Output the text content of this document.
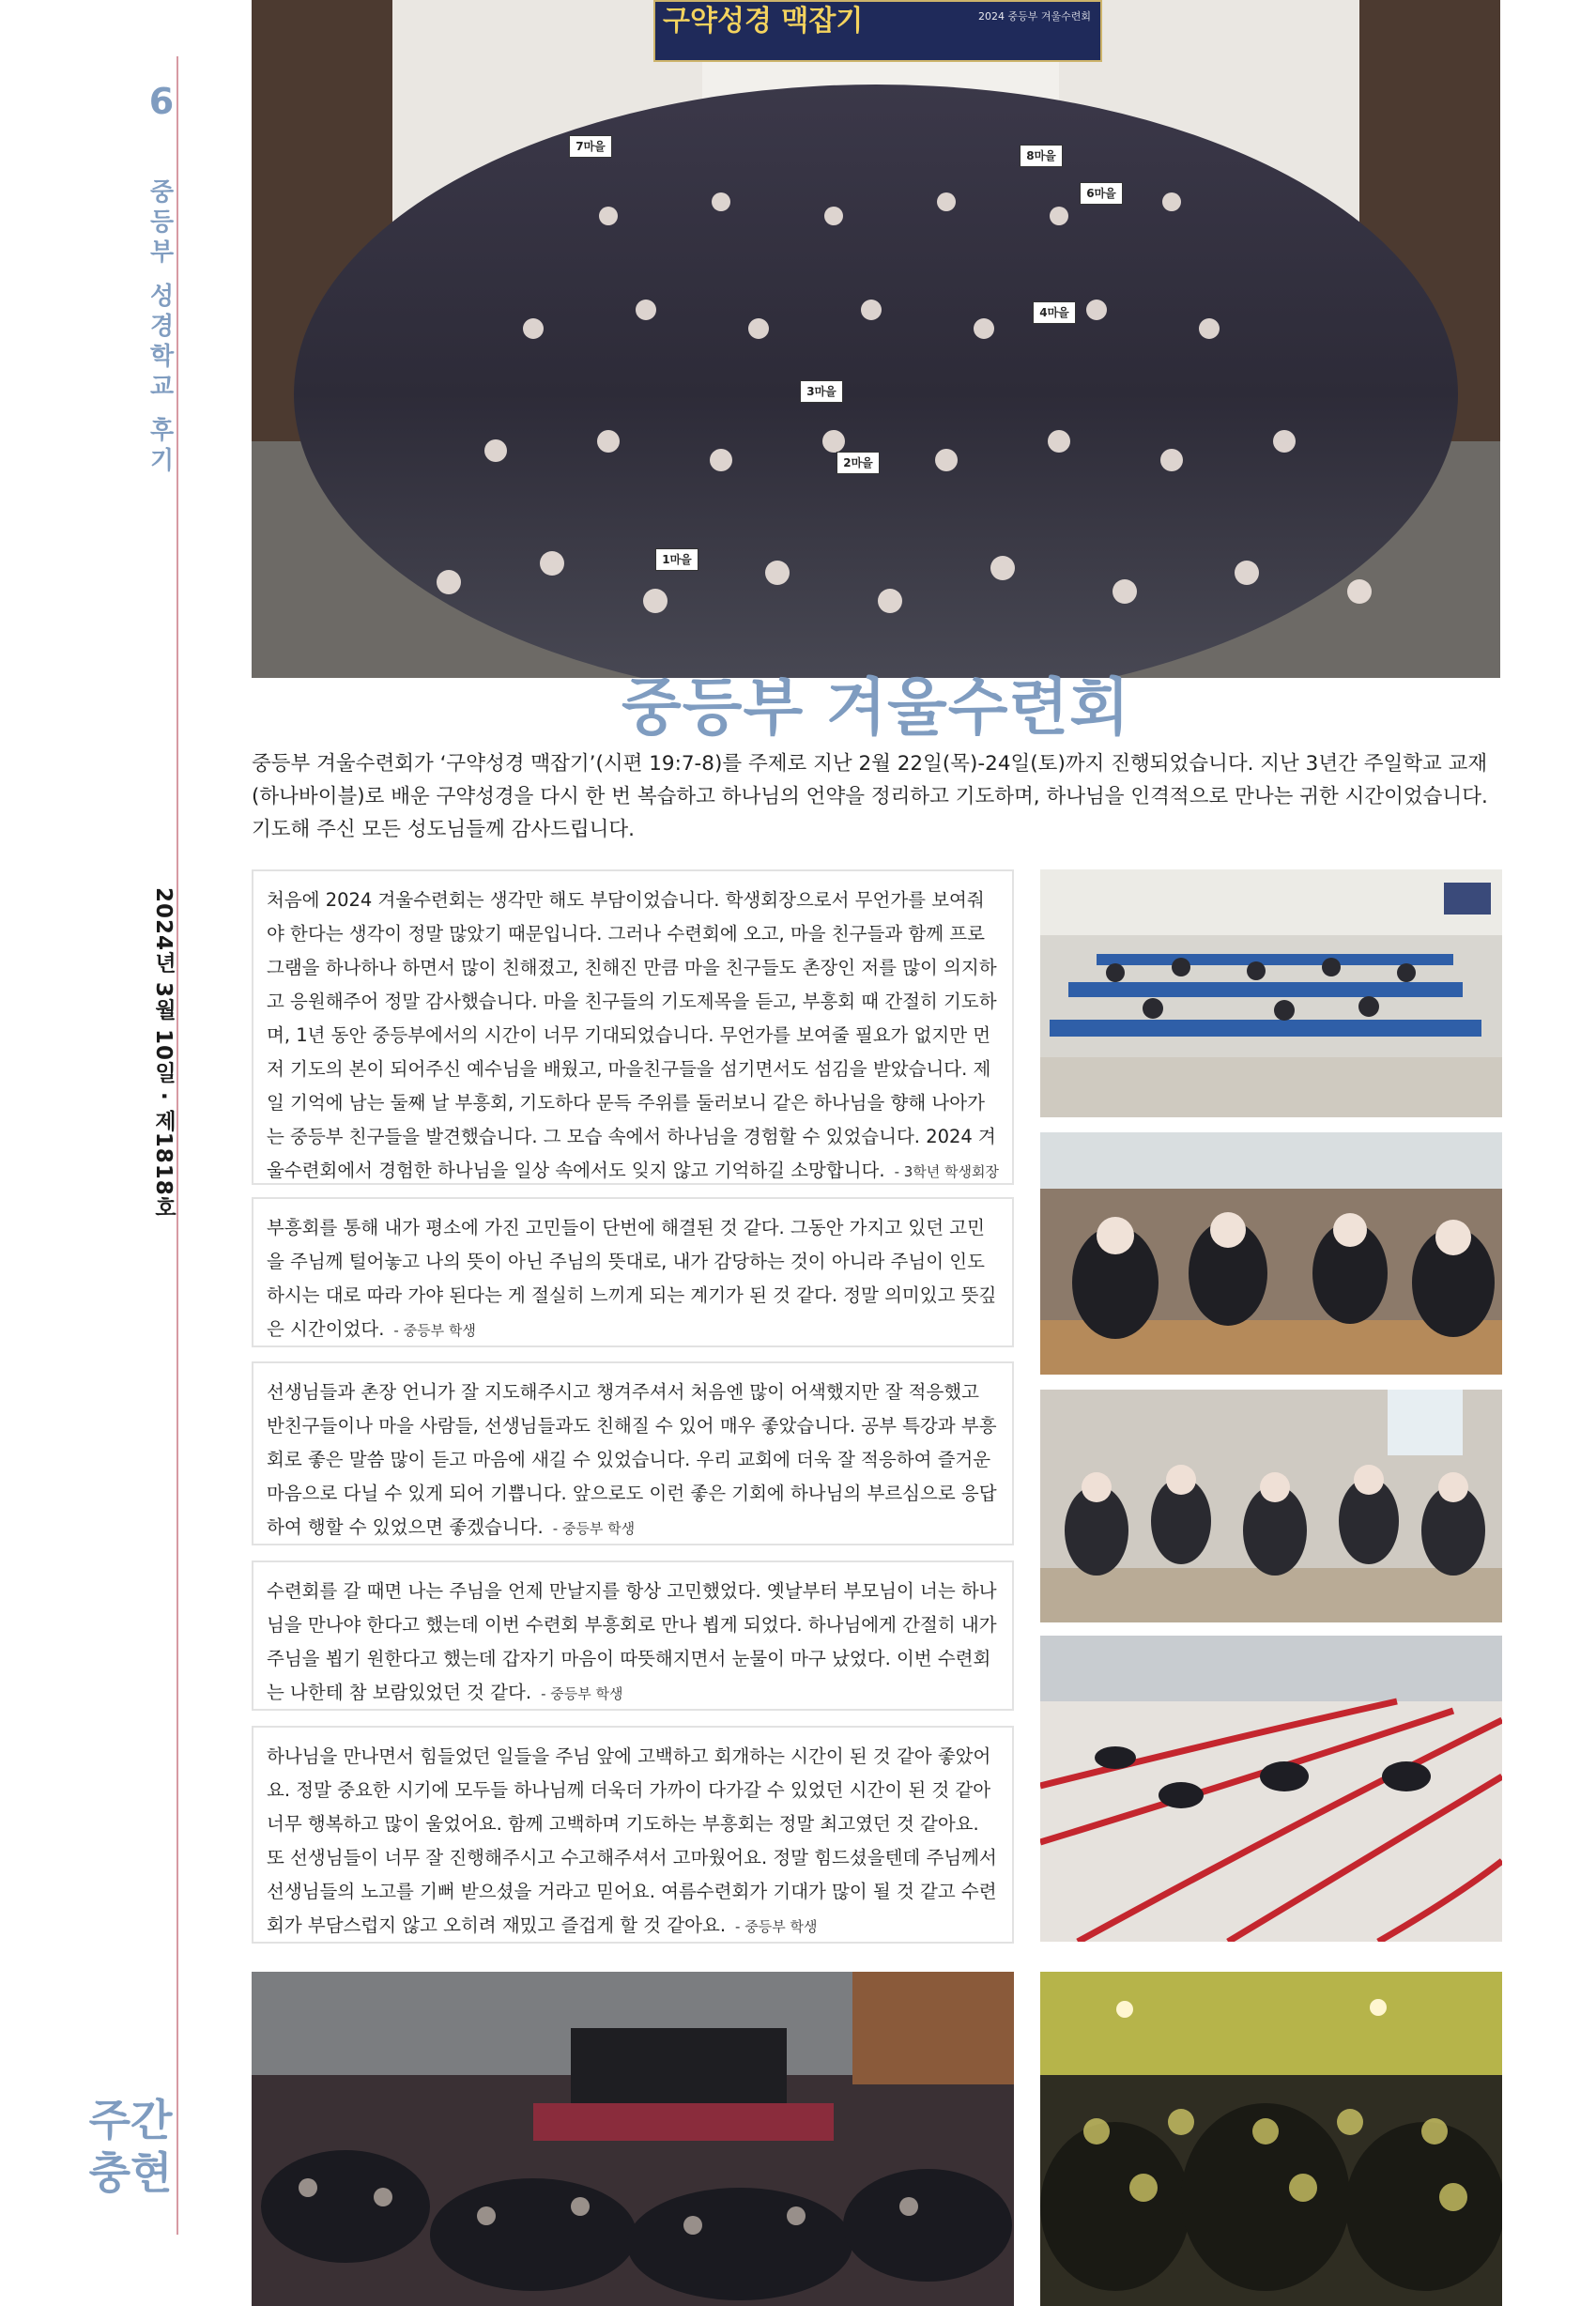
6
중등부 성경학교 후기
2024년 3월 10일 · 제1818호
주간
충현
구약성경 맥잡기	2024 중등부 겨울수련회
1마을
2마을
3마을
4마을
6마을
7마을
8마을
중등부 겨울수련회
중등부 겨울수련회가 ‘구약성경 맥잡기’(시편 19:7-8)를 주제로 지난 2월 22일(목)-24일(토)까지 진행되었습니다. 지난 3년간 주일학교 교재(하나바이블)로 배운 구약성경을 다시 한 번 복습하고 하나님의 언약을 정리하고 기도하며, 하나님을 인격적으로 만나는 귀한 시간이었습니다. 기도해 주신 모든 성도님들께 감사드립니다.
처음에 2024 겨울수련회는 생각만 해도 부담이었습니다. 학생회장으로서 무언가를 보여줘야 한다는 생각이 정말 많았기 때문입니다. 그러나 수련회에 오고, 마을 친구들과 함께 프로그램을 하나하나 하면서 많이 친해졌고, 친해진 만큼 마을 친구들도 촌장인 저를 많이 의지하고 응원해주어 정말 감사했습니다. 마을 친구들의 기도제목을 듣고, 부흥회 때 간절히 기도하며, 1년 동안 중등부에서의 시간이 너무 기대되었습니다. 무언가를 보여줄 필요가 없지만 먼저 기도의 본이 되어주신 예수님을 배웠고, 마을친구들을 섬기면서도 섬김을 받았습니다. 제일 기억에 남는 둘째 날 부흥회, 기도하다 문득 주위를 둘러보니 같은 하나님을 향해 나아가는 중등부 친구들을 발견했습니다. 그 모습 속에서 하나님을 경험할 수 있었습니다. 2024 겨울수련회에서 경험한 하나님을 일상 속에서도 잊지 않고 기억하길 소망합니다. - 3학년 학생회장
부흥회를 통해 내가 평소에 가진 고민들이 단번에 해결된 것 같다. 그동안 가지고 있던 고민을 주님께 털어놓고 나의 뜻이 아닌 주님의 뜻대로, 내가 감당하는 것이 아니라 주님이 인도하시는 대로 따라 가야 된다는 게 절실히 느끼게 되는 계기가 된 것 같다. 정말 의미있고 뜻깊은 시간이었다. - 중등부 학생
선생님들과 촌장 언니가 잘 지도해주시고 챙겨주셔서 처음엔 많이 어색했지만 잘 적응했고 반친구들이나 마을 사람들, 선생님들과도 친해질 수 있어 매우 좋았습니다. 공부 특강과 부흥회로 좋은 말씀 많이 듣고 마음에 새길 수 있었습니다. 우리 교회에 더욱 잘 적응하여 즐거운 마음으로 다닐 수 있게 되어 기쁩니다. 앞으로도 이런 좋은 기회에 하나님의 부르심으로 응답하여 행할 수 있었으면 좋겠습니다. - 중등부 학생
수련회를 갈 때면 나는 주님을 언제 만날지를 항상 고민했었다. 옛날부터 부모님이 너는 하나님을 만나야 한다고 했는데 이번 수련회 부흥회로 만나 뵙게 되었다. 하나님에게 간절히 내가 주님을 뵙기 원한다고 했는데 갑자기 마음이 따뜻해지면서 눈물이 마구 났었다. 이번 수련회는 나한테 참 보람있었던 것 같다. - 중등부 학생
하나님을 만나면서 힘들었던 일들을 주님 앞에 고백하고 회개하는 시간이 된 것 같아 좋았어요. 정말 중요한 시기에 모두들 하나님께 더욱더 가까이 다가갈 수 있었던 시간이 된 것 같아 너무 행복하고 많이 울었어요. 함께 고백하며 기도하는 부흥회는 정말 최고였던 것 같아요. 또 선생님들이 너무 잘 진행해주시고 수고해주셔서 고마웠어요. 정말 힘드셨을텐데 주님께서 선생님들의 노고를 기뻐 받으셨을 거라고 믿어요. 여름수련회가 기대가 많이 될 것 같고 수련회가 부담스럽지 않고 오히려 재밌고 즐겁게 할 것 같아요. - 중등부 학생
